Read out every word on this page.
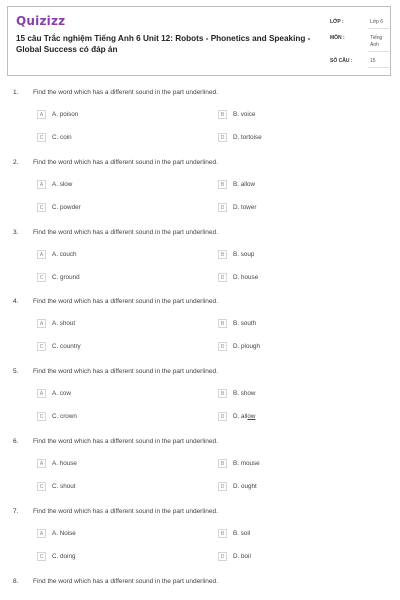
Quizizz
15 câu Trắc nghiệm Tiếng Anh 6 Unit 12: Robots - Phonetics and Speaking - Global Success có đáp án
LỚP :	Lớp 6
MÔN :	Tiếng Anh
SỐ CÂU :	15
1. Find the word which has a different sound in the part underlined.
A	A. poison	B	B. voice
C	C. coin	D	D. tortoise
2. Find the word which has a different sound in the part underlined.
A	A. slow	B	B. allow
C	C. powder	D	D. tower
3. Find the word which has a different sound in the part underlined.
A	A. couch	B	B. soup
C	C. ground	D	D. house
4. Find the word which has a different sound in the part underlined.
A	A. shout	B	B. south
C	C. country	D	D. plough
5. Find the word which has a different sound in the part underlined.
A	A. cow	B	B. show
C	C. crown	D	D. allow
6. Find the word which has a different sound in the part underlined.
A	A. house	B	B. mouse
C	C. shout	D	D. ought
7. Find the word which has a different sound in the part underlined.
A	A. Noise	B	B. soil
C	C. doing	D	D. boil
8. Find the word which has a different sound in the part underlined.
